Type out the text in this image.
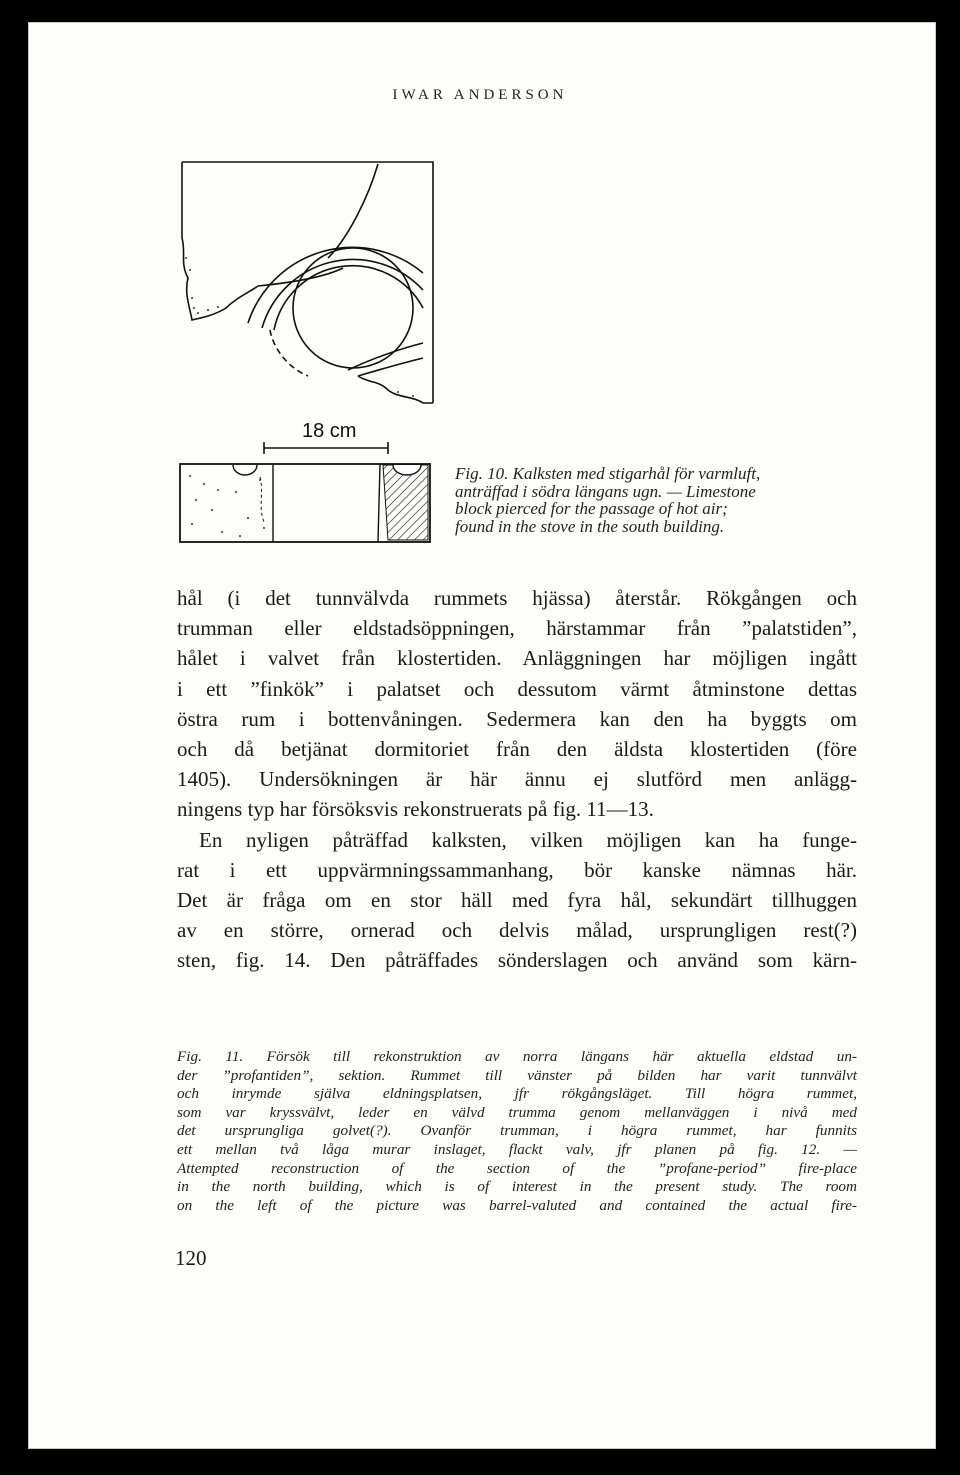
IWAR ANDERSON
18 cm
Fig. 10. Kalksten med stigarhål för varmluft,
anträffad i södra längans ugn. — Limestone
block pierced for the passage of hot air;
found in the stove in the south building.
hål (i det tunnvälvda rummets hjässa) återstår. Rökgången och
trumman eller eldstadsöppningen, härstammar från ”palatstiden”,
hålet i valvet från klostertiden. Anläggningen har möjligen ingått
i ett ”finkök” i palatset och dessutom värmt åtminstone dettas
östra rum i bottenvåningen. Sedermera kan den ha byggts om
och då betjänat dormitoriet från den äldsta klostertiden (före
1405). Undersökningen är här ännu ej slutförd men anlägg-
ningens typ har försöksvis rekonstruerats på fig. 11—13.
En nyligen påträffad kalksten, vilken möjligen kan ha funge-
rat i ett uppvärmningssammanhang, bör kanske nämnas här.
Det är fråga om en stor häll med fyra hål, sekundärt tillhuggen
av en större, ornerad och delvis målad, ursprungligen rest(?)
sten, fig. 14. Den påträffades sönderslagen och använd som kärn-
Fig. 11. Försök till rekonstruktion av norra längans här aktuella eldstad un-
der ”profantiden”, sektion. Rummet till vänster på bilden har varit tunnvälvt
och inrymde själva eldningsplatsen, jfr rökgångsläget. Till högra rummet,
som var kryssvälvt, leder en välvd trumma genom mellanväggen i nivå med
det ursprungliga golvet(?). Ovanför trumman, i högra rummet, har funnits
ett mellan två låga murar inslaget, flackt valv, jfr planen på fig. 12. —
Attempted reconstruction of the section of the ”profane-period” fire-place
in the north building, which is of interest in the present study. The room
on the left of the picture was barrel-valuted and contained the actual fire-
120
